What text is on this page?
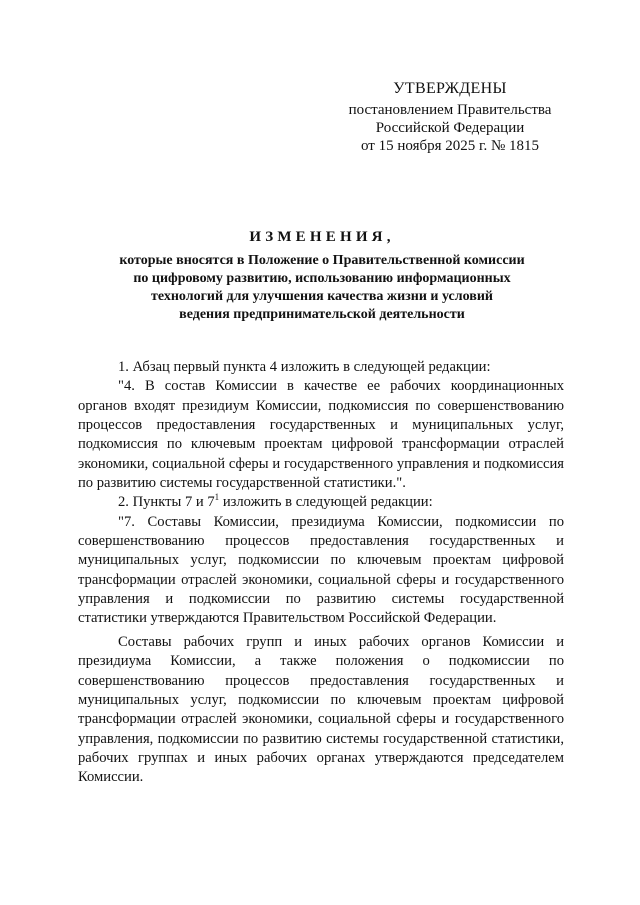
УТВЕРЖДЕНЫ
постановлением Правительства
Российской Федерации
от 15 ноября 2025 г. № 1815
ИЗМЕНЕНИЯ,
которые вносятся в Положение о Правительственной комиссии
по цифровому развитию, использованию информационных
технологий для улучшения качества жизни и условий
ведения предпринимательской деятельности

1. Абзац первый пункта 4 изложить в следующей редакции:

"4. В состав Комиссии в качестве ее рабочих координационных органов входят президиум Комиссии, подкомиссия по совершенствованию процессов предоставления государственных и муниципальных услуг, подкомиссия по ключевым проектам цифровой трансформации отраслей экономики, социальной сферы и государственного управления и подкомиссия по развитию системы государственной статистики.".

2. Пункты 7 и $7^1$ изложить в следующей редакции:

"7. Составы Комиссии, президиума Комиссии, подкомиссии по совершенствованию процессов предоставления государственных и муниципальных услуг, подкомиссии по ключевым проектам цифровой трансформации отраслей экономики, социальной сферы и государственного управления и подкомиссии по развитию системы государственной статистики утверждаются Правительством Российской Федерации.

Составы рабочих групп и иных рабочих органов Комиссии и президиума Комиссии, а также положения о подкомиссии по совершенствованию процессов предоставления государственных и муниципальных услуг, подкомиссии по ключевым проектам цифровой трансформации отраслей экономики, социальной сферы и государственного управления, подкомиссии по развитию системы государственной статистики, рабочих группах и иных рабочих органах утверждаются председателем Комиссии.
